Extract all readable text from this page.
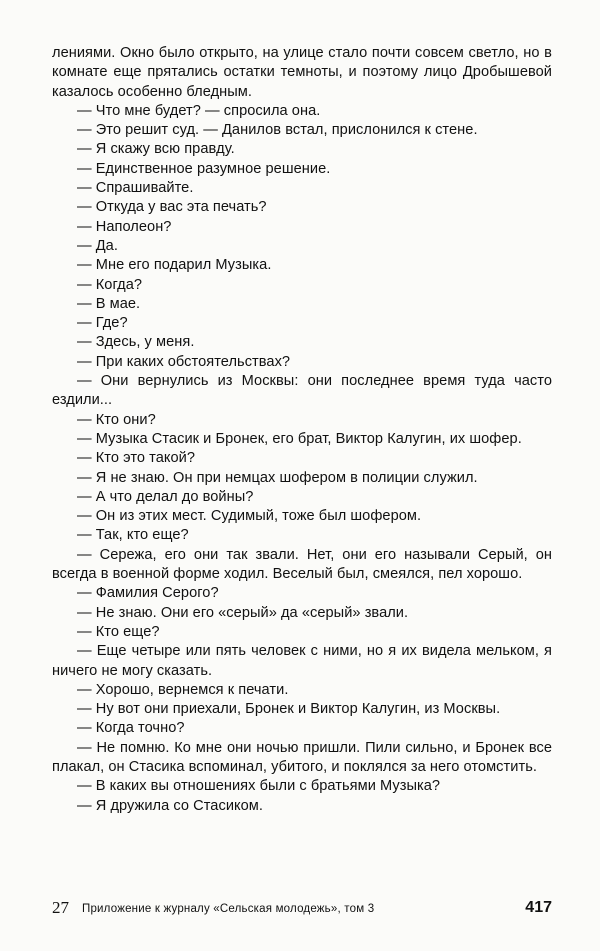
лениями. Окно было открыто, на улице стало почти совсем светло, но в комнате еще прятались остатки темноты, и поэтому лицо Дробышевой казалось особенно бледным.

— Что мне будет? — спросила она.

— Это решит суд. — Данилов встал, прислонился к стене.

— Я скажу всю правду.

— Единственное разумное решение.

— Спрашивайте.

— Откуда у вас эта печать?

— Наполеон?

— Да.

— Мне его подарил Музыка.

— Когда?

— В мае.

— Где?

— Здесь, у меня.

— При каких обстоятельствах?

— Они вернулись из Москвы: они последнее время туда часто ездили...

— Кто они?

— Музыка Стасик и Бронек, его брат, Виктор Калугин, их шофер.

— Кто это такой?

— Я не знаю. Он при немцах шофером в полиции служил.

— А что делал до войны?

— Он из этих мест. Судимый, тоже был шофером.

— Так, кто еще?

— Сережа, его они так звали. Нет, они его называли Серый, он всегда в военной форме ходил. Веселый был, смеялся, пел хорошо.

— Фамилия Серого?

— Не знаю. Они его «серый» да «серый» звали.

— Кто еще?

— Еще четыре или пять человек с ними, но я их видела мельком, я ничего не могу сказать.

— Хорошо, вернемся к печати.

— Ну вот они приехали, Бронек и Виктор Калугин, из Москвы.

— Когда точно?

— Не помню. Ко мне они ночью пришли. Пили сильно, и Бронек все плакал, он Стасика вспоминал, убитого, и поклялся за него отомстить.

— В каких вы отношениях были с братьями Музыка?

— Я дружила со Стасиком.

27 Приложение к журналу «Сельская молодежь», том 3	417
